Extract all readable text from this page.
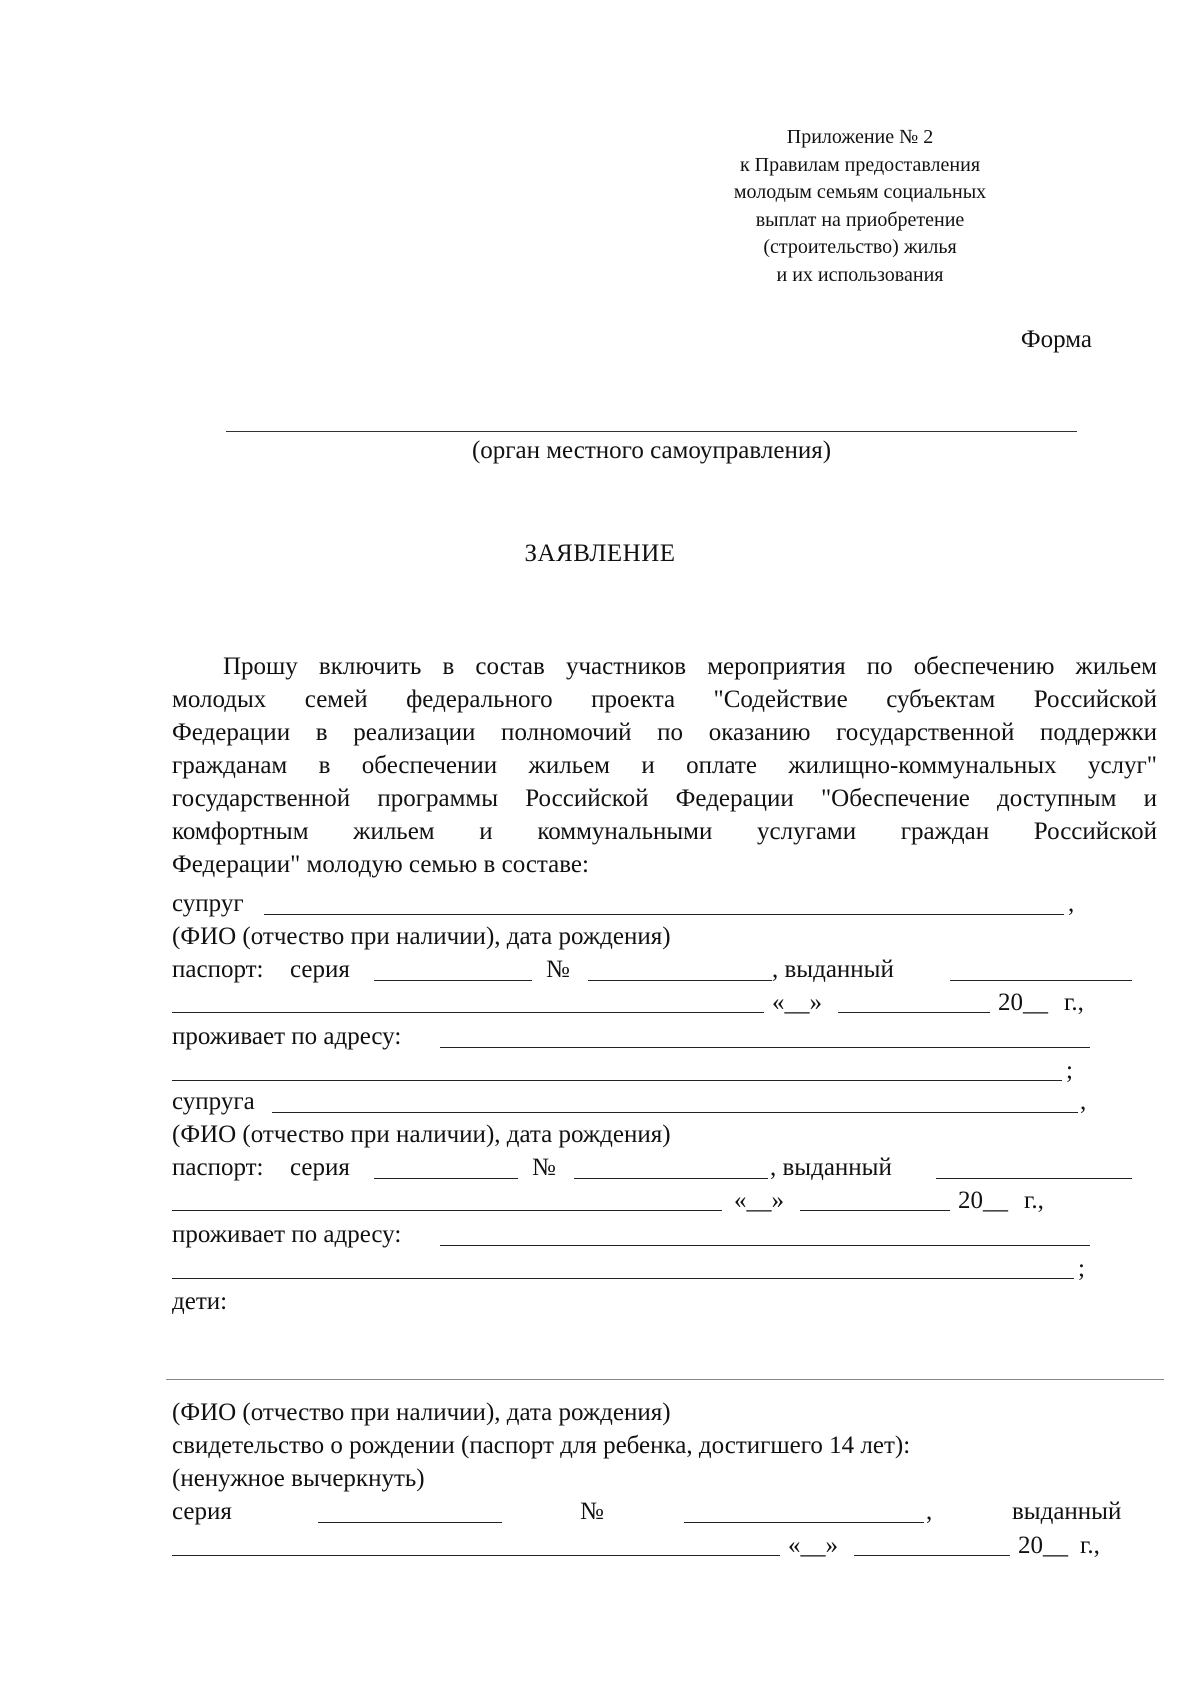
Приложение № 2
к Правилам предоставления
молодым семьям социальных
выплат на приобретение
(строительство) жилья
и их использования
Форма
(орган местного самоуправления)
ЗАЯВЛЕНИЕ
Прошу включить в состав участников мероприятия по обеспечению жильем
молодых семей федерального проекта "Содействие субъектам Российской
Федерации в реализации полномочий по оказанию государственной поддержки
гражданам в обеспечении жильем и оплате жилищно-коммунальных услуг"
государственной программы Российской Федерации "Обеспечение доступным и
комфортным жильем и коммунальными услугами граждан Российской
Федерации" молодую семью в составе:
супруг	,
(ФИО (отчество при наличии), дата рождения)
паспорт: серия	№	, выданный
«__»	20__ г.,
проживает по адресу:
;
супруга	,
(ФИО (отчество при наличии), дата рождения)
паспорт: серия	№	, выданный
«__»	20__ г.,
проживает по адресу:
;
дети:
(ФИО (отчество при наличии), дата рождения)
свидетельство о рождении (паспорт для ребенка, достигшего 14 лет):
(ненужное вычеркнуть)
серия	№	,	выданный
«__»	20__ г.,
